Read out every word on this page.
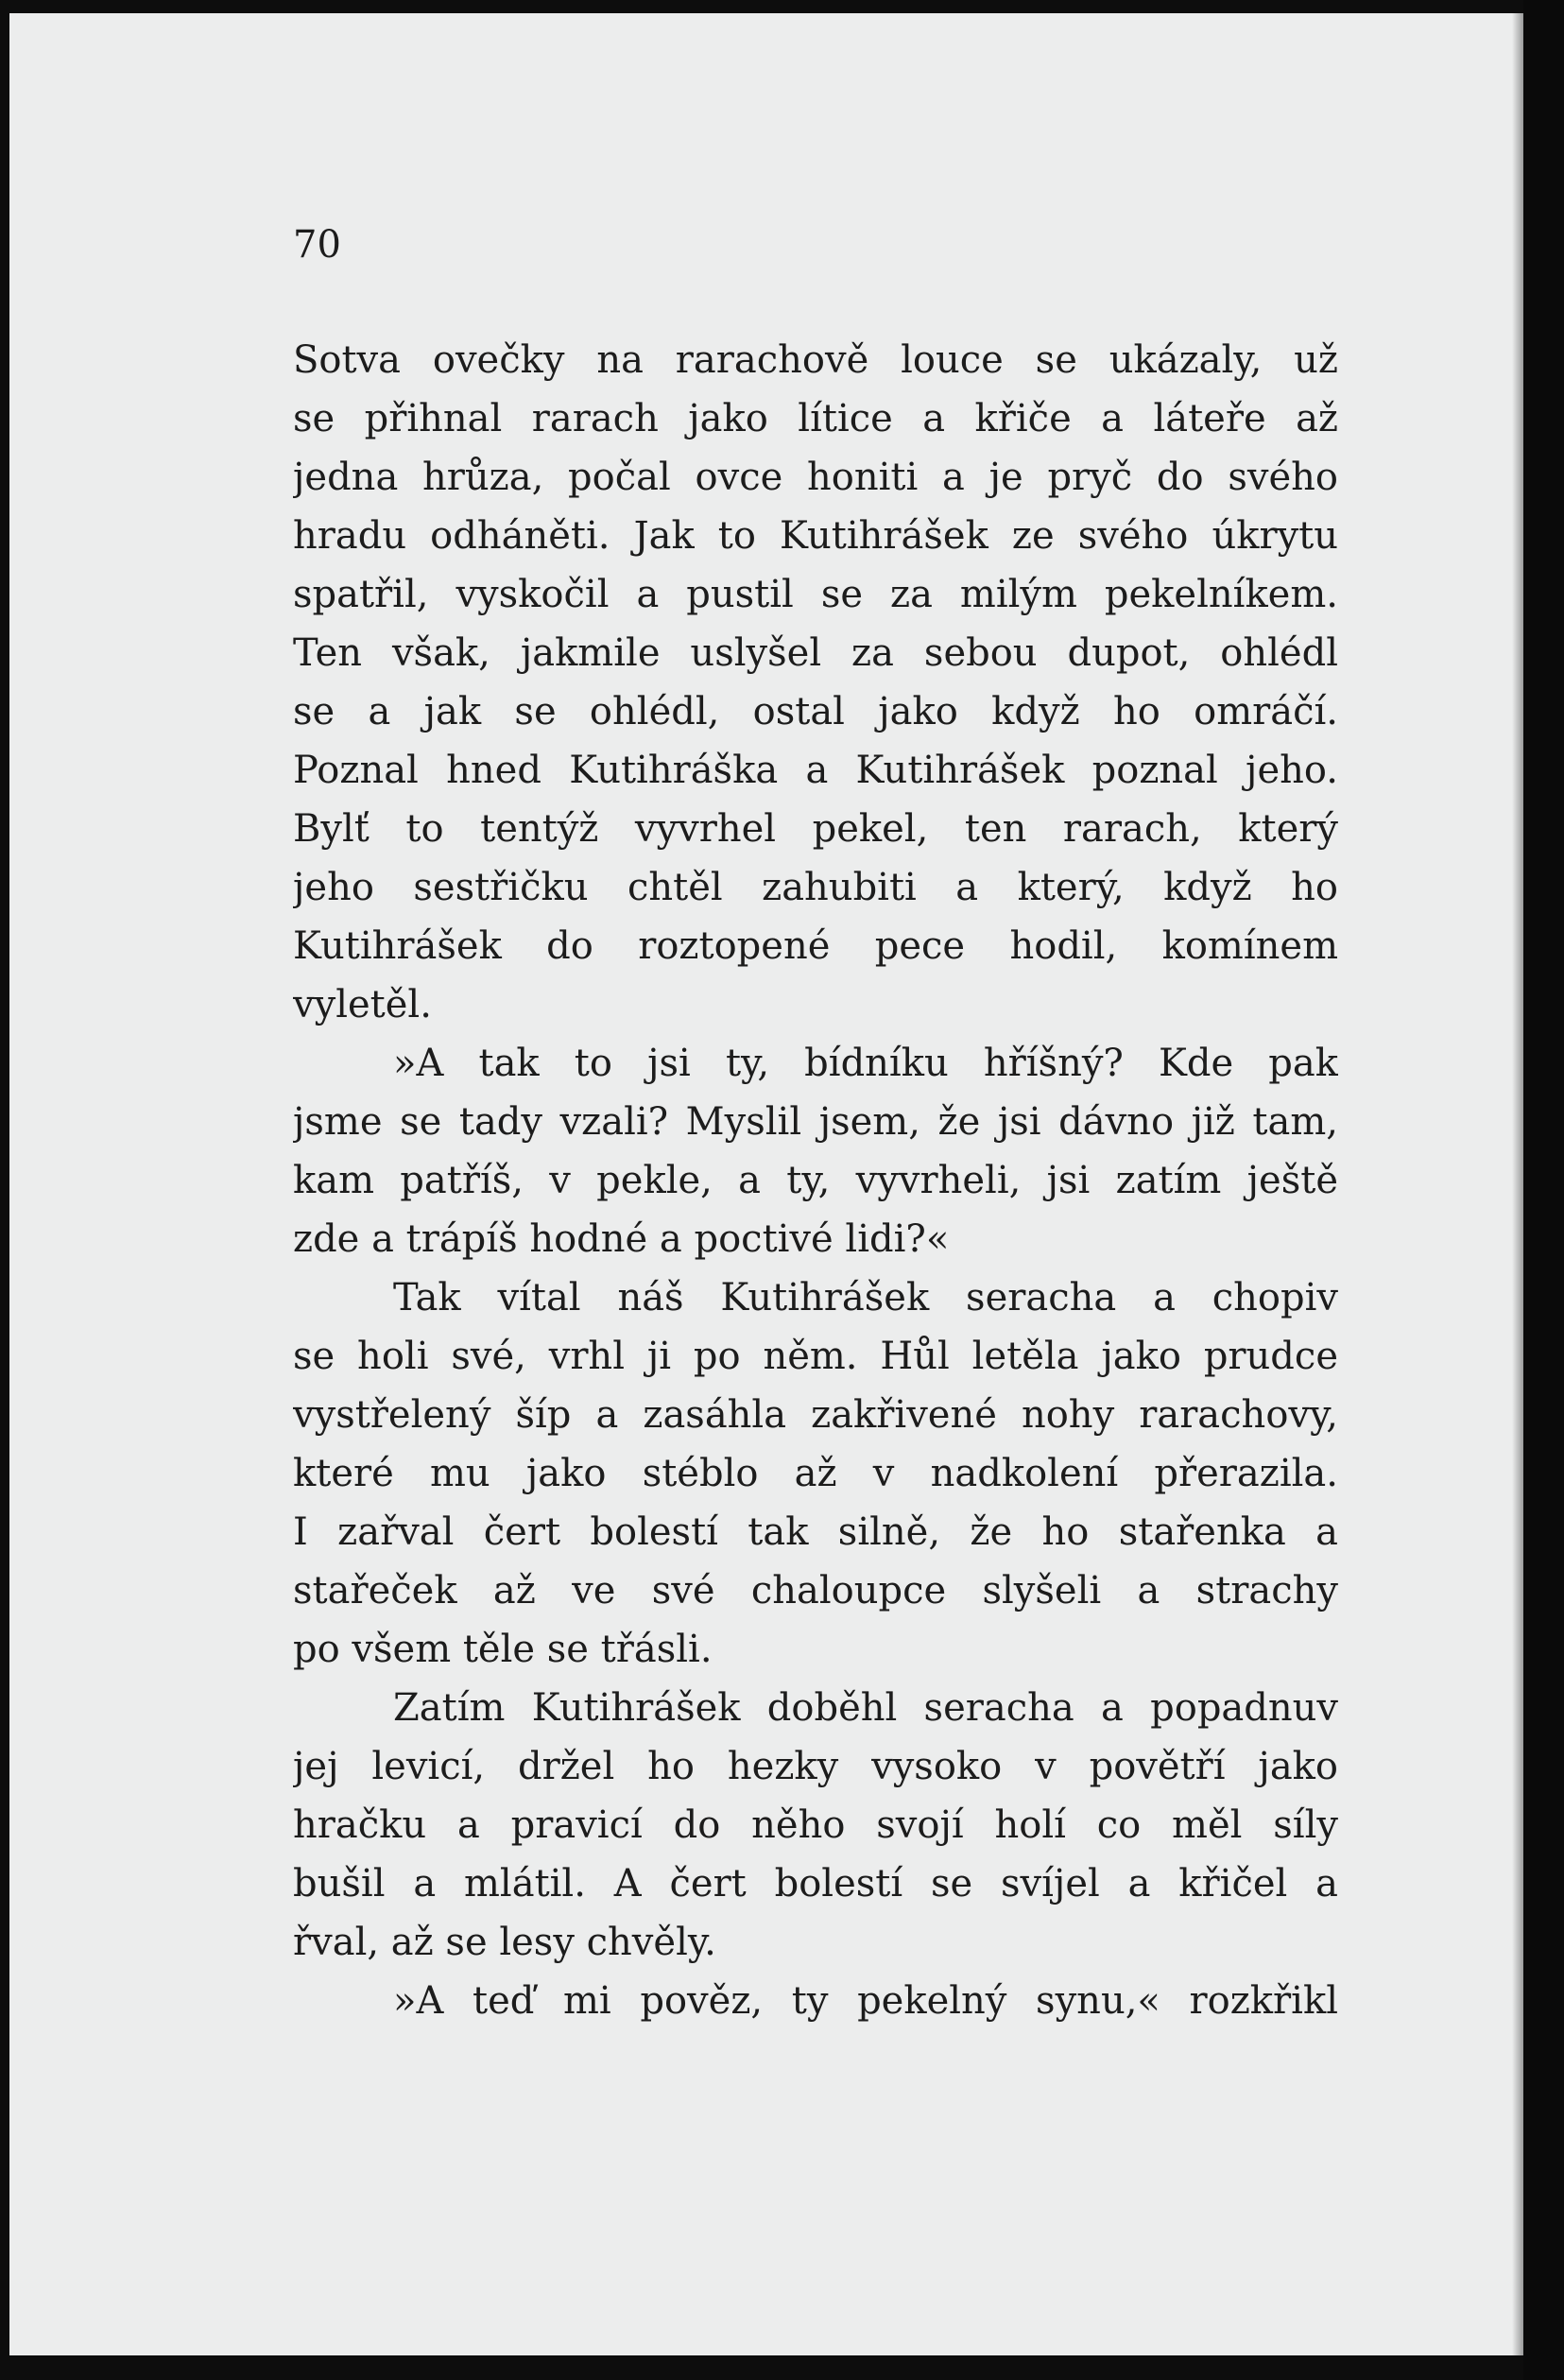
70

Sotva ovečky na rarachově louce se ukázaly, už

se přihnal rarach jako lítice a křiče a láteře až

jedna hrůza, počal ovce honiti a je pryč do svého

hradu odháněti. Jak to Kutihrášek ze svého úkrytu

spatřil, vyskočil a pustil se za milým pekelníkem.

Ten však, jakmile uslyšel za sebou dupot, ohlédl

se a jak se ohlédl, ostal jako když ho omráčí.

Poznal hned Kutihráška a Kutihrášek poznal jeho.

Bylť to tentýž vyvrhel pekel, ten rarach, který

jeho sestřičku chtěl zahubiti a který, když ho

Kutihrášek do roztopené pece hodil, komínem

vyletěl.

»A tak to jsi ty, bídníku hříšný? Kde pak

jsme se tady vzali? Myslil jsem, že jsi dávno již tam,

kam patříš, v pekle, a ty, vyvrheli, jsi zatím ještě

zde a trápíš hodné a poctivé lidi?«

Tak vítal náš Kutihrášek seracha a chopiv

se holi své, vrhl ji po něm. Hůl letěla jako prudce

vystřelený šíp a zasáhla zakřivené nohy rarachovy,

které mu jako stéblo až v nadkolení přerazila.

I zařval čert bolestí tak silně, že ho stařenka a

stařeček až ve své chaloupce slyšeli a strachy

po všem těle se třásli.

Zatím Kutihrášek doběhl seracha a popadnuv

jej levicí, držel ho hezky vysoko v povětří jako

hračku a pravicí do něho svojí holí co měl síly

bušil a mlátil. A čert bolestí se svíjel a křičel a

řval, až se lesy chvěly.

»A teď mi pověz, ty pekelný synu,« rozkřikl
